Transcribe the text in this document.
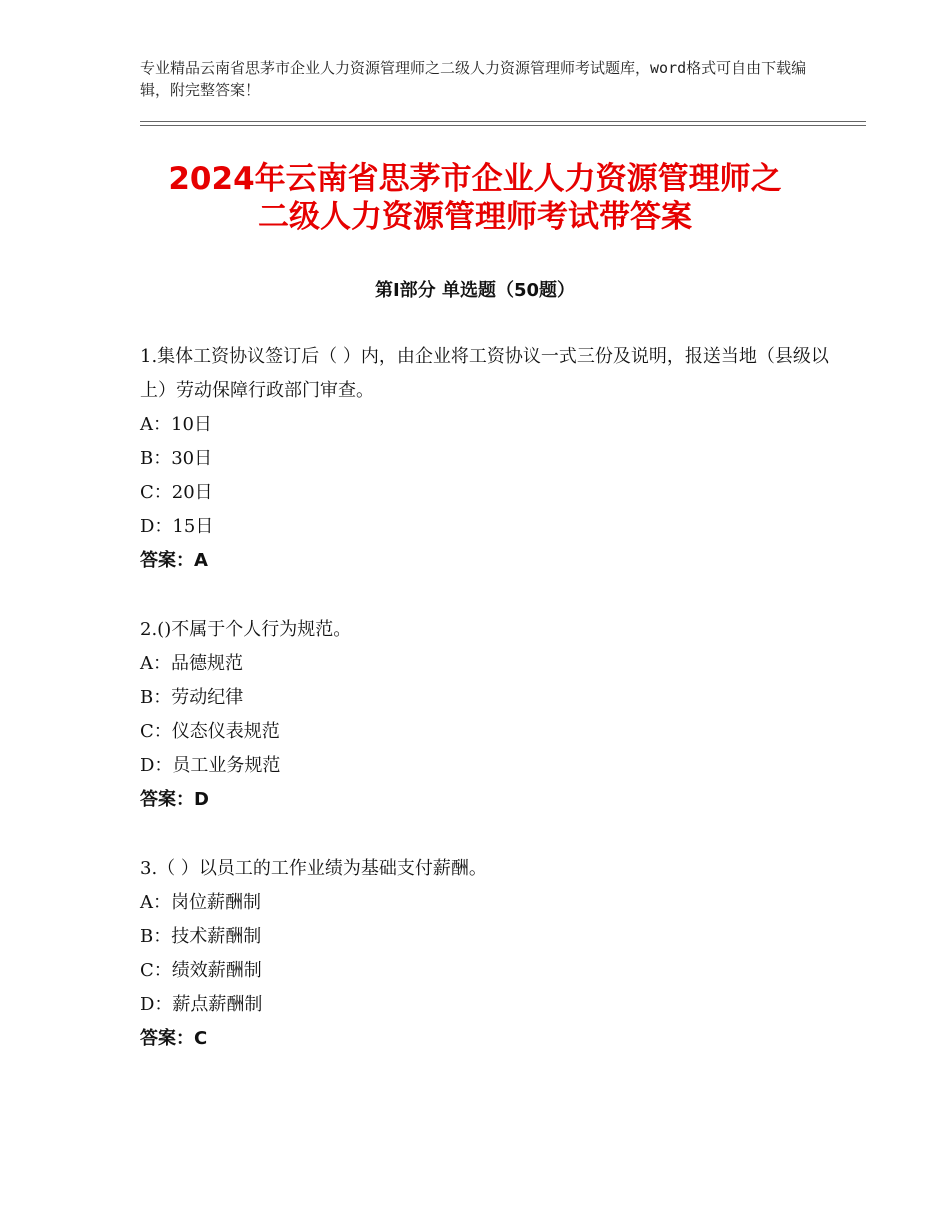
专业精品云南省思茅市企业人力资源管理师之二级人力资源管理师考试题库，word格式可自由下载编辑，附完整答案！
2024年云南省思茅市企业人力资源管理师之
二级人力资源管理师考试带答案
第Ⅰ部分 单选题（50题）
1.集体工资协议签订后（ ）内，由企业将工资协议一式三份及说明，报送当地（县级以上）劳动保障行政部门审查。
A：10日
B：30日
C：20日
D：15日
答案：A
2.()不属于个人行为规范。
A：品德规范
B：劳动纪律
C：仪态仪表规范
D：员工业务规范
答案：D
3.（ ）以员工的工作业绩为基础支付薪酬。
A：岗位薪酬制
B：技术薪酬制
C：绩效薪酬制
D：薪点薪酬制
答案：C
